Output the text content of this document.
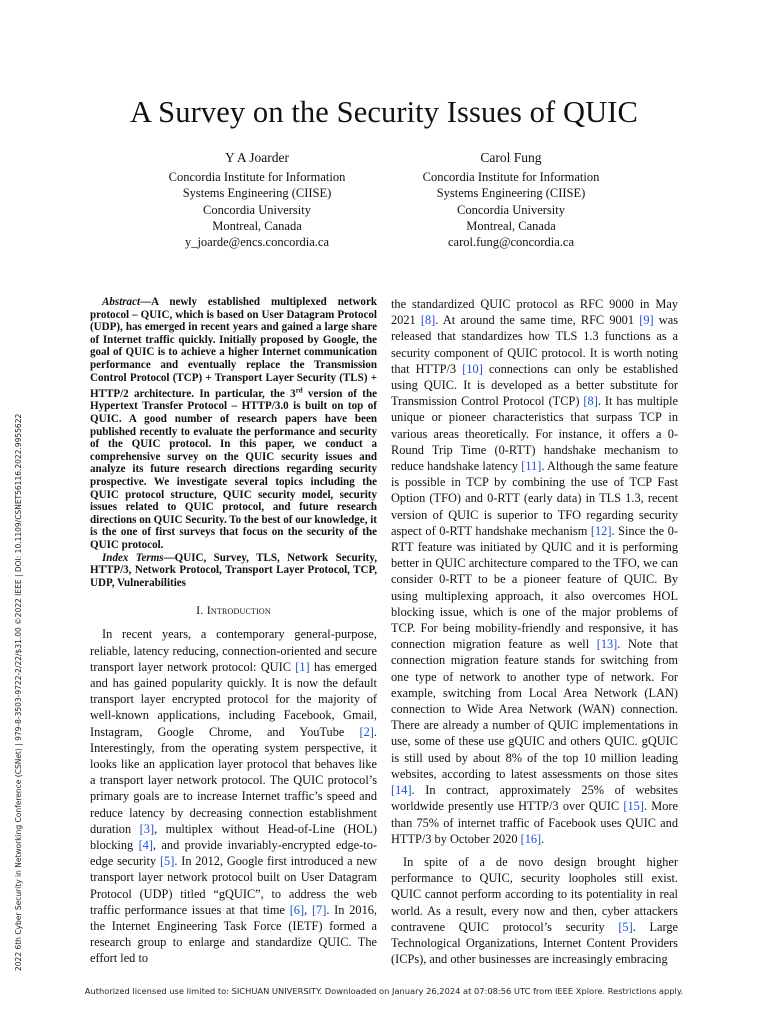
2022 6th Cyber Security in Networking Conference (CSNet) | 979-8-3503-9722-2/22/$31.00 ©2022 IEEE | DOI: 10.1109/CSNET56116.2022.9955622
A Survey on the Security Issues of QUIC
Y A Joarder
Concordia Institute for Information
Systems Engineering (CIISE)
Concordia University
Montreal, Canada
y_joarde@encs.concordia.ca
Carol Fung
Concordia Institute for Information
Systems Engineering (CIISE)
Concordia University
Montreal, Canada
carol.fung@concordia.ca

Abstract—A newly established multiplexed network protocol – QUIC, which is based on User Datagram Protocol (UDP), has emerged in recent years and gained a large share of Internet traffic quickly. Initially proposed by Google, the goal of QUIC is to achieve a higher Internet communication performance and eventually replace the Transmission Control Protocol (TCP) + Transport Layer Security (TLS) + HTTP/2 architecture. In particular, the 3rd version of the Hypertext Transfer Protocol – HTTP/3.0 is built on top of QUIC. A good number of research papers have been published recently to evaluate the performance and security of the QUIC protocol. In this paper, we conduct a comprehensive survey on the QUIC security issues and analyze its future research directions regarding security prospective. We investigate several topics including the QUIC protocol structure, QUIC security model, security issues related to QUIC protocol, and future research directions on QUIC Security. To the best of our knowledge, it is the one of first surveys that focus on the security of the QUIC protocol.

Index Terms—QUIC, Survey, TLS, Network Security, HTTP/3, Network Protocol, Transport Layer Protocol, TCP, UDP, Vulnerabilities

I. Introduction

In recent years, a contemporary general-purpose, reliable, latency reducing, connection-oriented and secure transport layer network protocol: QUIC [1] has emerged and has gained popularity quickly. It is now the default transport layer encrypted protocol for the majority of well-known applications, including Facebook, Gmail, Instagram, Google Chrome, and YouTube [2]. Interestingly, from the operating system perspective, it looks like an application layer protocol that behaves like a transport layer network protocol. The QUIC protocol’s primary goals are to increase Internet traffic’s speed and reduce latency by decreasing connection establishment duration [3], multiplex without Head-of-Line (HOL) blocking [4], and provide invariably-encrypted edge-to-edge security [5]. In 2012, Google first introduced a new transport layer network protocol built on User Datagram Protocol (UDP) titled “gQUIC”, to address the web traffic performance issues at that time [6], [7]. In 2016, the Internet Engineering Task Force (IETF) formed a research group to enlarge and standardize QUIC. The effort led to

the standardized QUIC protocol as RFC 9000 in May 2021 [8]. At around the same time, RFC 9001 [9] was released that standardizes how TLS 1.3 functions as a security component of QUIC protocol. It is worth noting that HTTP/3 [10] connections can only be established using QUIC. It is developed as a better substitute for Transmission Control Protocol (TCP) [8]. It has multiple unique or pioneer characteristics that surpass TCP in various areas theoretically. For instance, it offers a 0-Round Trip Time (0-RTT) handshake mechanism to reduce handshake latency [11]. Although the same feature is possible in TCP by combining the use of TCP Fast Option (TFO) and 0-RTT (early data) in TLS 1.3, recent version of QUIC is superior to TFO regarding security aspect of 0-RTT handshake mechanism [12]. Since the 0-RTT feature was initiated by QUIC and it is performing better in QUIC architecture compared to the TFO, we can consider 0-RTT to be a pioneer feature of QUIC. By using multiplexing approach, it also overcomes HOL blocking issue, which is one of the major problems of TCP. For being mobility-friendly and responsive, it has connection migration feature as well [13]. Note that connection migration feature stands for switching from one type of network to another type of network. For example, switching from Local Area Network (LAN) connection to Wide Area Network (WAN) connection. There are already a number of QUIC implementations in use, some of these use gQUIC and others QUIC. gQUIC is still used by about 8% of the top 10 million leading websites, according to latest assessments on those sites [14]. In contract, approximately 25% of websites worldwide presently use HTTP/3 over QUIC [15]. More than 75% of internet traffic of Facebook uses QUIC and HTTP/3 by October 2020 [16].

In spite of a de novo design brought higher performance to QUIC, security loopholes still exist. QUIC cannot perform according to its potentiality in real world. As a result, every now and then, cyber attackers contravene QUIC protocol’s security [5]. Large Technological Organizations, Internet Content Providers (ICPs), and other businesses are increasingly embracing

Authorized licensed use limited to: SICHUAN UNIVERSITY. Downloaded on January 26,2024 at 07:08:56 UTC from IEEE Xplore. Restrictions apply.
